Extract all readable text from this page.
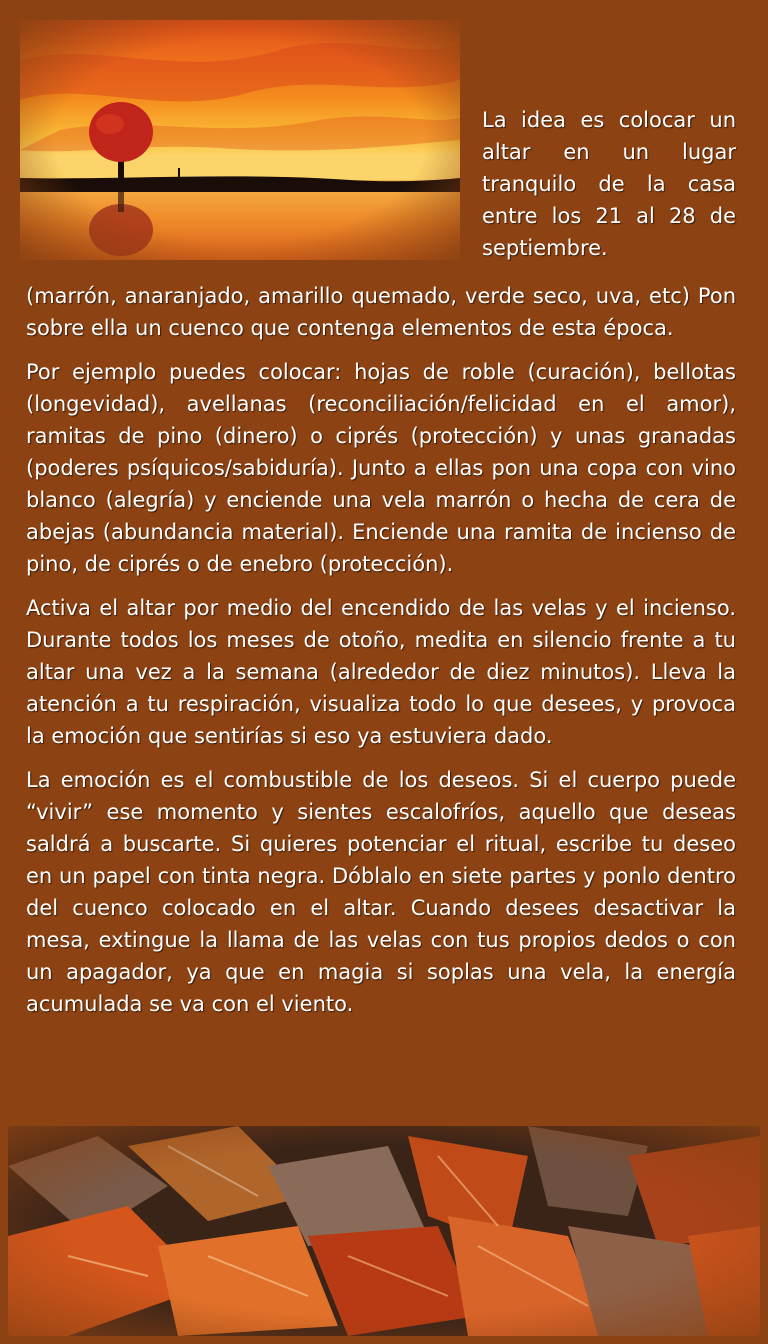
La idea es colocar un altar en un lugar tranquilo de la casa entre los 21 al 28 de septiembre.

(marrón, anaranjado, amarillo quemado, verde seco, uva, etc) Pon sobre ella un cuenco que contenga elementos de esta época.

Por ejemplo puedes colocar: hojas de roble (curación), bellotas (longevidad), avellanas (reconciliación/felicidad en el amor), ramitas de pino (dinero) o ciprés (protección) y unas granadas (poderes psíquicos/sabiduría). Junto a ellas pon una copa con vino blanco (alegría) y enciende una vela marrón o hecha de cera de abejas (abundancia material). Enciende una ramita de incienso de pino, de ciprés o de enebro (protección).

Activa el altar por medio del encendido de las velas y el incienso. Durante todos los meses de otoño, medita en silencio frente a tu altar una vez a la semana (alrededor de diez minutos). Lleva la atención a tu respiración, visualiza todo lo que desees, y provoca la emoción que sentirías si eso ya estuviera dado.

La emoción es el combustible de los deseos. Si el cuerpo puede “vivir” ese momento y sientes escalofríos, aquello que deseas saldrá a buscarte. Si quieres potenciar el ritual, escribe tu deseo en un papel con tinta negra. Dóblalo en siete partes y ponlo dentro del cuenco colocado en el altar. Cuando desees desactivar la mesa, extingue la llama de las velas con tus propios dedos o con un apagador, ya que en magia si soplas una vela, la energía acumulada se va con el viento.
